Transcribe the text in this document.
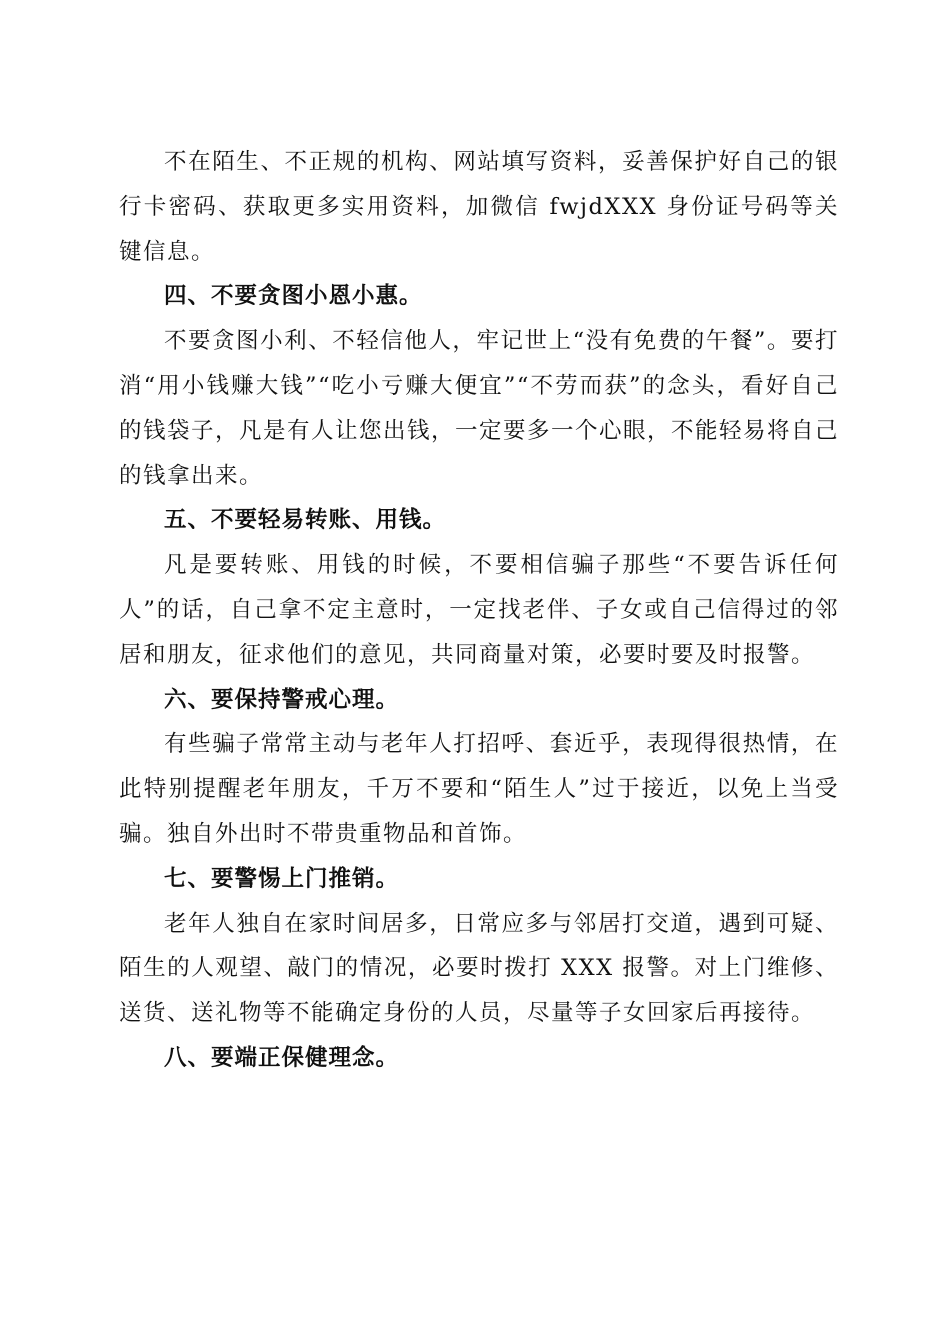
不在陌生、不正规的机构、网站填写资料，妥善保护好自己的银行卡密码、获取更多实用资料，加微信 fwjdXXX 身份证号码等关键信息。

四、不要贪图小恩小惠。

不要贪图小利、不轻信他人，牢记世上“没有免费的午餐”。要打消“用小钱赚大钱”“吃小亏赚大便宜”“不劳而获”的念头，看好自己的钱袋子，凡是有人让您出钱，一定要多一个心眼，不能轻易将自己的钱拿出来。

五、不要轻易转账、用钱。

凡是要转账、用钱的时候，不要相信骗子那些“不要告诉任何人”的话，自己拿不定主意时，一定找老伴、子女或自己信得过的邻居和朋友，征求他们的意见，共同商量对策，必要时要及时报警。

六、要保持警戒心理。

有些骗子常常主动与老年人打招呼、套近乎，表现得很热情，在此特别提醒老年朋友，千万不要和“陌生人”过于接近，以免上当受骗。独自外出时不带贵重物品和首饰。

七、要警惕上门推销。

老年人独自在家时间居多，日常应多与邻居打交道，遇到可疑、陌生的人观望、敲门的情况，必要时拨打 XXX 报警。对上门维修、送货、送礼物等不能确定身份的人员，尽量等子女回家后再接待。

八、要端正保健理念。
